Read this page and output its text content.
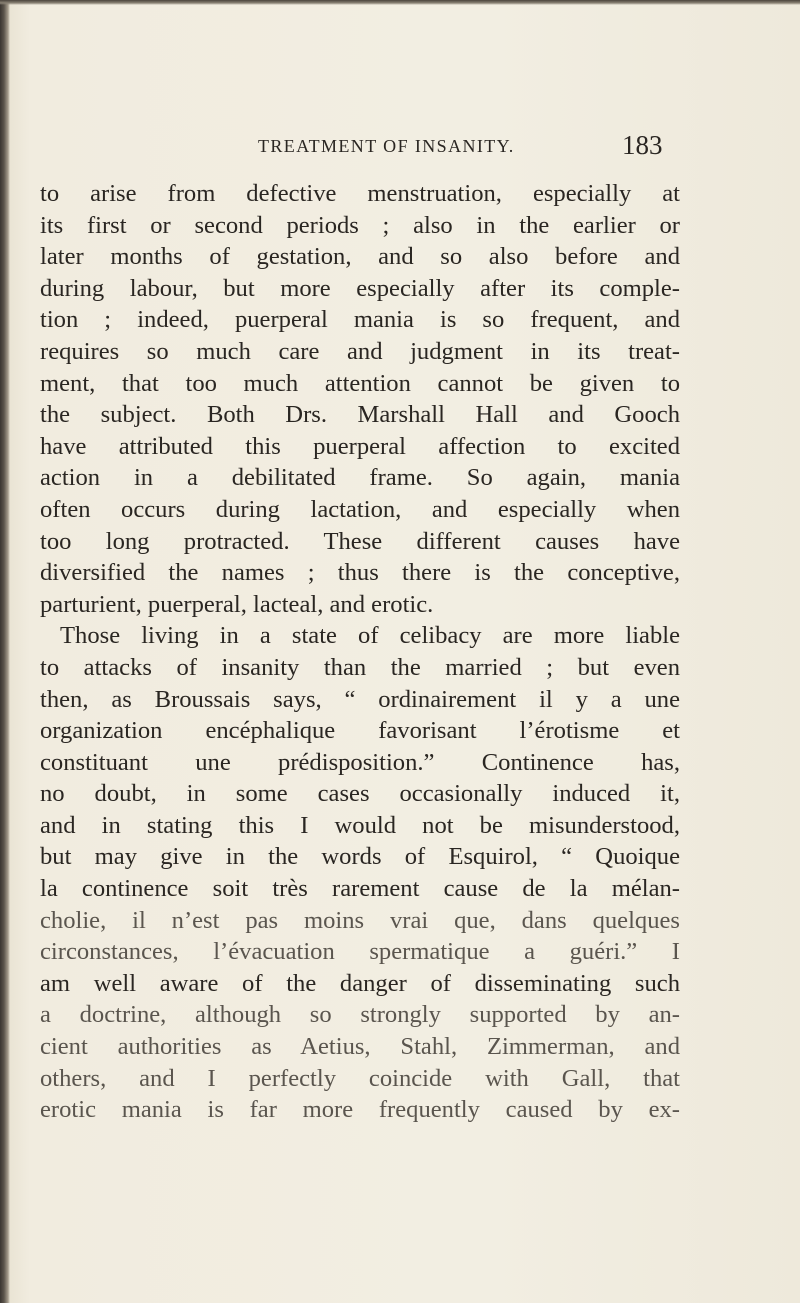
TREATMENT OF INSANITY.	183
to arise from defective menstruation, especially at
its first or second periods ; also in the earlier or
later months of gestation, and so also before and
during labour, but more especially after its comple-
tion ; indeed, puerperal mania is so frequent, and
requires so much care and judgment in its treat-
ment, that too much attention cannot be given to
the subject. Both Drs. Marshall Hall and Gooch
have attributed this puerperal affection to excited
action in a debilitated frame. So again, mania
often occurs during lactation, and especially when
too long protracted. These different causes have
diversified the names ; thus there is the conceptive,
parturient, puerperal, lacteal, and erotic.
Those living in a state of celibacy are more liable
to attacks of insanity than the married ; but even
then, as Broussais says, “ ordinairement il y a une
organization encéphalique favorisant l’érotisme et
constituant une prédisposition.” Continence has,
no doubt, in some cases occasionally induced it,
and in stating this I would not be misunderstood,
but may give in the words of Esquirol, “ Quoique
la continence soit très rarement cause de la mélan-
cholie, il n’est pas moins vrai que, dans quelques
circonstances, l’évacuation spermatique a guéri.” I
am well aware of the danger of disseminating such
a doctrine, although so strongly supported by an-
cient authorities as Aetius, Stahl, Zimmerman, and
others, and I perfectly coincide with Gall, that
erotic mania is far more frequently caused by ex-
